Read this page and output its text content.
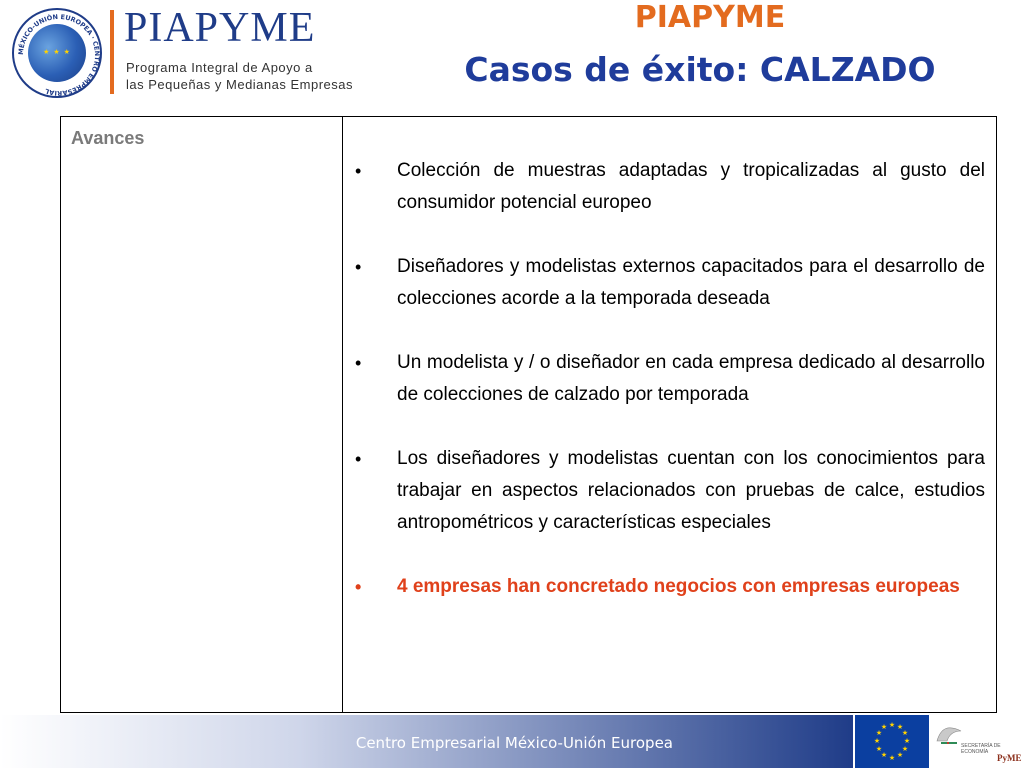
MÉXICO-UNIÓN EUROPEA · CENTRO EMPRESARIAL
★ ★ ★
PIAPYME
Programa Integral de Apoyo a
las Pequeñas y Medianas Empresas
PIAPYME
Casos de éxito: CALZADO
Avances
• Colección de muestras adaptadas y tropicalizadas al gusto del consumidor potencial europeo
• Diseñadores y modelistas externos capacitados para el desarrollo de colecciones acorde a la temporada deseada
• Un modelista y / o diseñador en cada empresa dedicado al desarrollo de colecciones de calzado por temporada
• Los diseñadores y modelistas cuentan con los conocimientos para trabajar en aspectos relacionados con pruebas de calce, estudios antropométricos y características especiales
• 4 empresas han concretado negocios con empresas europeas
Centro Empresarial México-Unión Europea
★ ★
★
★
★
★
★
★
★
★
★
★
SECRETARÍA DE
ECONOMÍA
PyME
